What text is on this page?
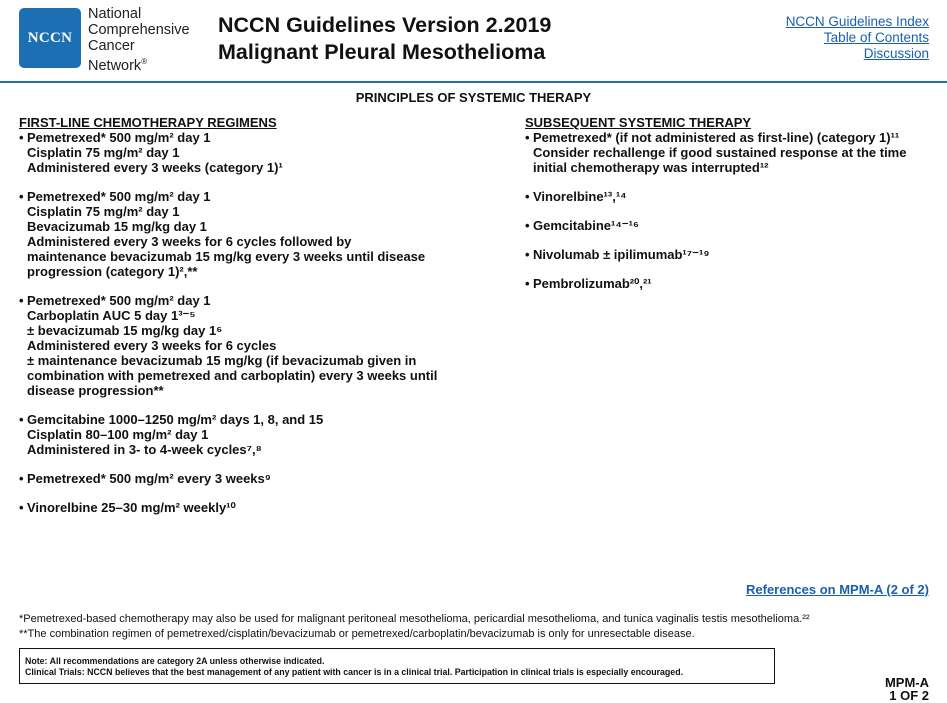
NCCN
National
Comprehensive
Cancer
Network®
NCCN Guidelines Version 2.2019
Malignant Pleural Mesothelioma
NCCN Guidelines Index
Table of Contents
Discussion
PRINCIPLES OF SYSTEMIC THERAPY
FIRST-LINE CHEMOTHERAPY REGIMENS
• Pemetrexed* 500 mg/m² day 1
Cisplatin 75 mg/m² day 1
Administered every 3 weeks (category 1)¹
• Pemetrexed* 500 mg/m² day 1
Cisplatin 75 mg/m² day 1
Bevacizumab 15 mg/kg day 1
Administered every 3 weeks for 6 cycles followed by
maintenance bevacizumab 15 mg/kg every 3 weeks until disease
progression (category 1)²,**
• Pemetrexed* 500 mg/m² day 1
Carboplatin AUC 5 day 1³⁻⁵
± bevacizumab 15 mg/kg day 1⁶
Administered every 3 weeks for 6 cycles
± maintenance bevacizumab 15 mg/kg (if bevacizumab given in
combination with pemetrexed and carboplatin) every 3 weeks until
disease progression**
• Gemcitabine 1000–1250 mg/m² days 1, 8, and 15
Cisplatin 80–100 mg/m² day 1
Administered in 3- to 4-week cycles⁷,⁸
• Pemetrexed* 500 mg/m² every 3 weeks⁹
• Vinorelbine 25–30 mg/m² weekly¹⁰
SUBSEQUENT SYSTEMIC THERAPY
• Pemetrexed* (if not administered as first-line) (category 1)¹¹
Consider rechallenge if good sustained response at the time
initial chemotherapy was interrupted¹²
• Vinorelbine¹³,¹⁴
• Gemcitabine¹⁴⁻¹⁶
• Nivolumab ± ipilimumab¹⁷⁻¹⁹
• Pembrolizumab²⁰,²¹
References on MPM-A (2 of 2)
*Pemetrexed-based chemotherapy may also be used for malignant peritoneal mesothelioma, pericardial mesothelioma, and tunica vaginalis testis mesothelioma.²²
**The combination regimen of pemetrexed/cisplatin/bevacizumab or pemetrexed/carboplatin/bevacizumab is only for unresectable disease.
Note: All recommendations are category 2A unless otherwise indicated.
Clinical Trials: NCCN believes that the best management of any patient with cancer is in a clinical trial. Participation in clinical trials is especially encouraged.
MPM-A
1 OF 2
